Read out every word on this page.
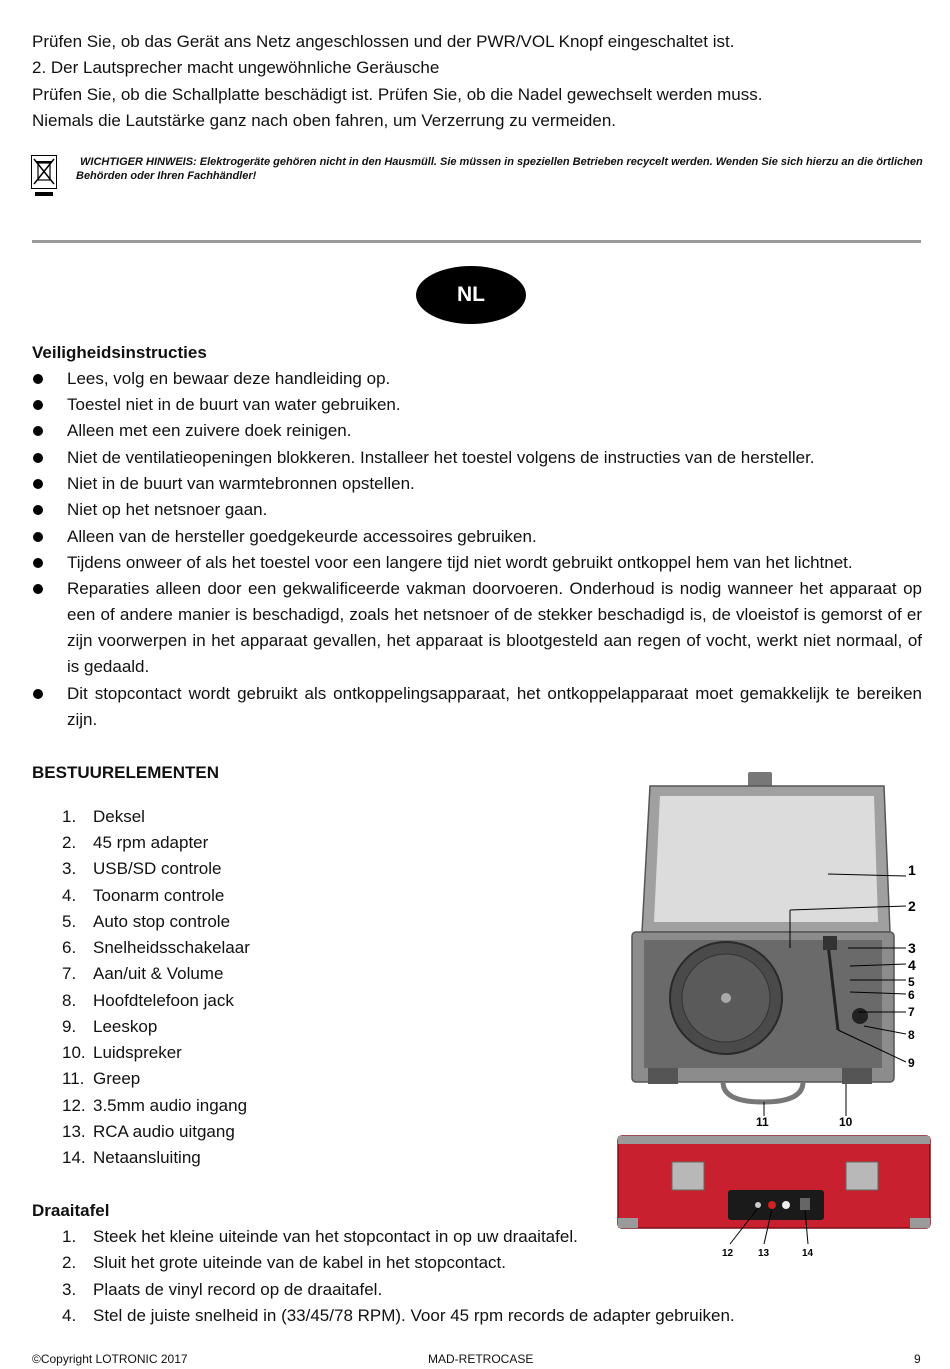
Prüfen Sie, ob das Gerät ans Netz angeschlossen und der PWR/VOL Knopf eingeschaltet ist.
2. Der Lautsprecher macht ungewöhnliche Geräusche
Prüfen Sie, ob die Schallplatte beschädigt ist. Prüfen Sie, ob die Nadel gewechselt werden muss.
Niemals die Lautstärke ganz nach oben fahren, um Verzerrung zu vermeiden.
WICHTIGER HINWEIS: Elektrogeräte gehören nicht in den Hausmüll. Sie müssen in speziellen Betrieben recycelt werden. Wenden Sie sich hierzu an die örtlichen Behörden oder Ihren Fachhändler!
NL
Veiligheidsinstructies
Lees, volg en bewaar deze handleiding op.
Toestel niet in de buurt van water gebruiken.
Alleen met een zuivere doek reinigen.
Niet de ventilatieopeningen blokkeren. Installeer het toestel volgens de instructies van de hersteller.
Niet in de buurt van warmtebronnen opstellen.
Niet op het netsnoer gaan.
Alleen van de hersteller goedgekeurde accessoires gebruiken.
Tijdens onweer of als het toestel voor een langere tijd niet wordt gebruikt ontkoppel hem van het lichtnet.
Reparaties alleen door een gekwalificeerde vakman doorvoeren. Onderhoud is nodig wanneer het apparaat op een of andere manier is beschadigd, zoals het netsnoer of de stekker beschadigd is, de vloeistof is gemorst of er zijn voorwerpen in het apparaat gevallen, het apparaat is blootgesteld aan regen of vocht, werkt niet normaal, of is gedaald.
Dit stopcontact wordt gebruikt als ontkoppelingsapparaat, het ontkoppelapparaat moet gemakkelijk te bereiken zijn.
BESTUURELEMENTEN
1. Deksel
2. 45 rpm adapter
3. USB/SD controle
4. Toonarm controle
5. Auto stop controle
6. Snelheidsschakelaar
7. Aan/uit & Volume
8. Hoofdtelefoon jack
9. Leeskop
10. Luidspreker
11. Greep
12. 3.5mm audio ingang
13. RCA audio uitgang
14. Netaansluiting
Draaitafel
1. Steek het kleine uiteinde van het stopcontact in op uw draaitafel.
2. Sluit het grote uiteinde van de kabel in het stopcontact.
3. Plaats de vinyl record op de draaitafel.
4. Stel de juiste snelheid in (33/45/78 RPM). Voor 45 rpm records de adapter gebruiken.
1
2
3
4
5
6
7
8
9
10
11
12 13	14
©Copyright LOTRONIC 2017	MAD-RETROCASE	9
